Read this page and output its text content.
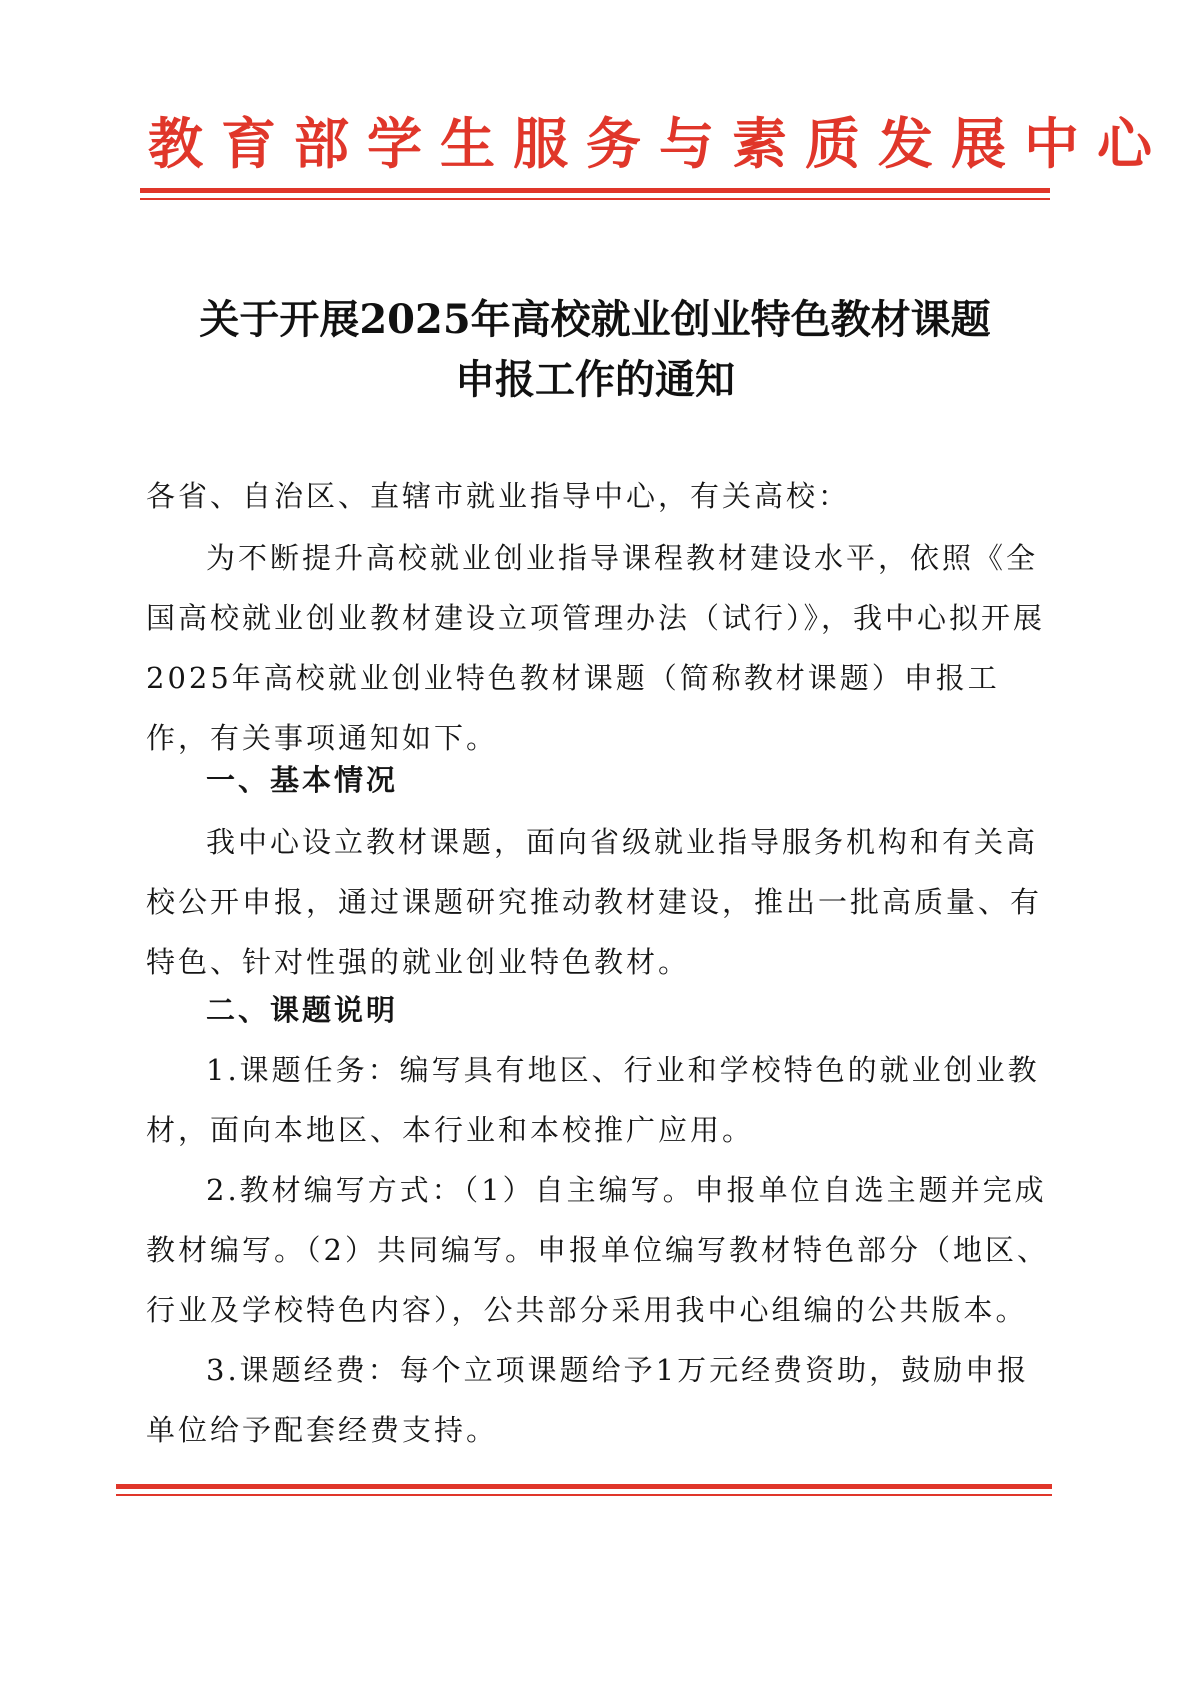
教育部学生服务与素质发展中心
关于开展2025年高校就业创业特色教材课题
申报工作的通知
各省、自治区、直辖市就业指导中心，有关高校：
为不断提升高校就业创业指导课程教材建设水平，依照《全国高校就业创业教材建设立项管理办法（试行）》，我中心拟开展2025年高校就业创业特色教材课题（简称教材课题）申报工作，有关事项通知如下。
一、基本情况
我中心设立教材课题，面向省级就业指导服务机构和有关高校公开申报，通过课题研究推动教材建设，推出一批高质量、有特色、针对性强的就业创业特色教材。
二、课题说明
1.课题任务：编写具有地区、行业和学校特色的就业创业教材，面向本地区、本行业和本校推广应用。
2.教材编写方式：（1）自主编写。申报单位自选主题并完成教材编写。（2）共同编写。申报单位编写教材特色部分（地区、行业及学校特色内容），公共部分采用我中心组编的公共版本。
3.课题经费：每个立项课题给予1万元经费资助，鼓励申报单位给予配套经费支持。
